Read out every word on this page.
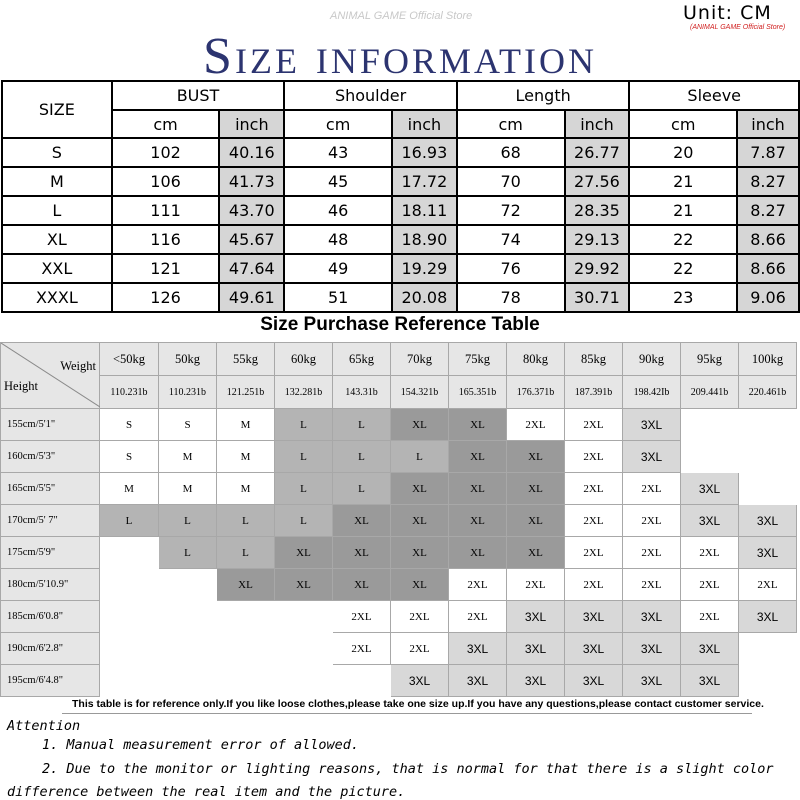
Unit: CM
(ANIMAL GAME Official Store)
ANIMAL GAME Official Store
Size information
SIZE	BUST		Shoulder		Length		Sleeve	
	cm	inch	cm	inch	cm	inch	cm	inch
S	102	40.16	43	16.93	68	26.77	20	7.87
M	106	41.73	45	17.72	70	27.56	21	8.27
L	111	43.70	46	18.11	72	28.35	21	8.27
XL	116	45.67	48	18.90	74	29.13	22	8.66
XXL	121	47.64	49	19.29	76	29.92	22	8.66
XXXL	126	49.61	51	20.08	78	30.71	23	9.06
Size Purchase Reference Table
Weight
Height	<50kg	50kg	55kg	60kg	65kg	70kg	75kg	80kg	85kg	90kg	95kg	100kg
	110.231b	110.231b	121.251b	132.281b	143.31b	154.321b	165.351b	176.371b	187.391b	198.42Ib	209.441b	220.461b
155cm/5'1"	S	S	M	L	L	XL	XL	2XL	2XL	3XL		
160cm/5'3"	S	M	M	L	L	L	XL	XL	2XL	3XL		
165cm/5'5"	M	M	M	L	L	XL	XL	XL	2XL	2XL	3XL	
170cm/5' 7"	L	L	L	L	XL	XL	XL	XL	2XL	2XL	3XL	3XL
175cm/5'9"		L	L	XL	XL	XL	XL	XL	2XL	2XL	2XL	3XL
180cm/5'10.9"			XL	XL	XL	XL	2XL	2XL	2XL	2XL	2XL	2XL
185cm/6'0.8"					2XL	2XL	2XL	3XL	3XL	3XL	2XL	3XL
190cm/6'2.8"					2XL	2XL	3XL	3XL	3XL	3XL	3XL	
195cm/6'4.8"						3XL	3XL	3XL	3XL	3XL	3XL	
This table is for reference only.If you like loose clothes,please take one size up.If you have any questions,please contact customer service.
Attention
1. Manual measurement error of allowed.
2. Due to the monitor or lighting reasons, that is normal for that there is a slight color
difference between the real item and the picture.
